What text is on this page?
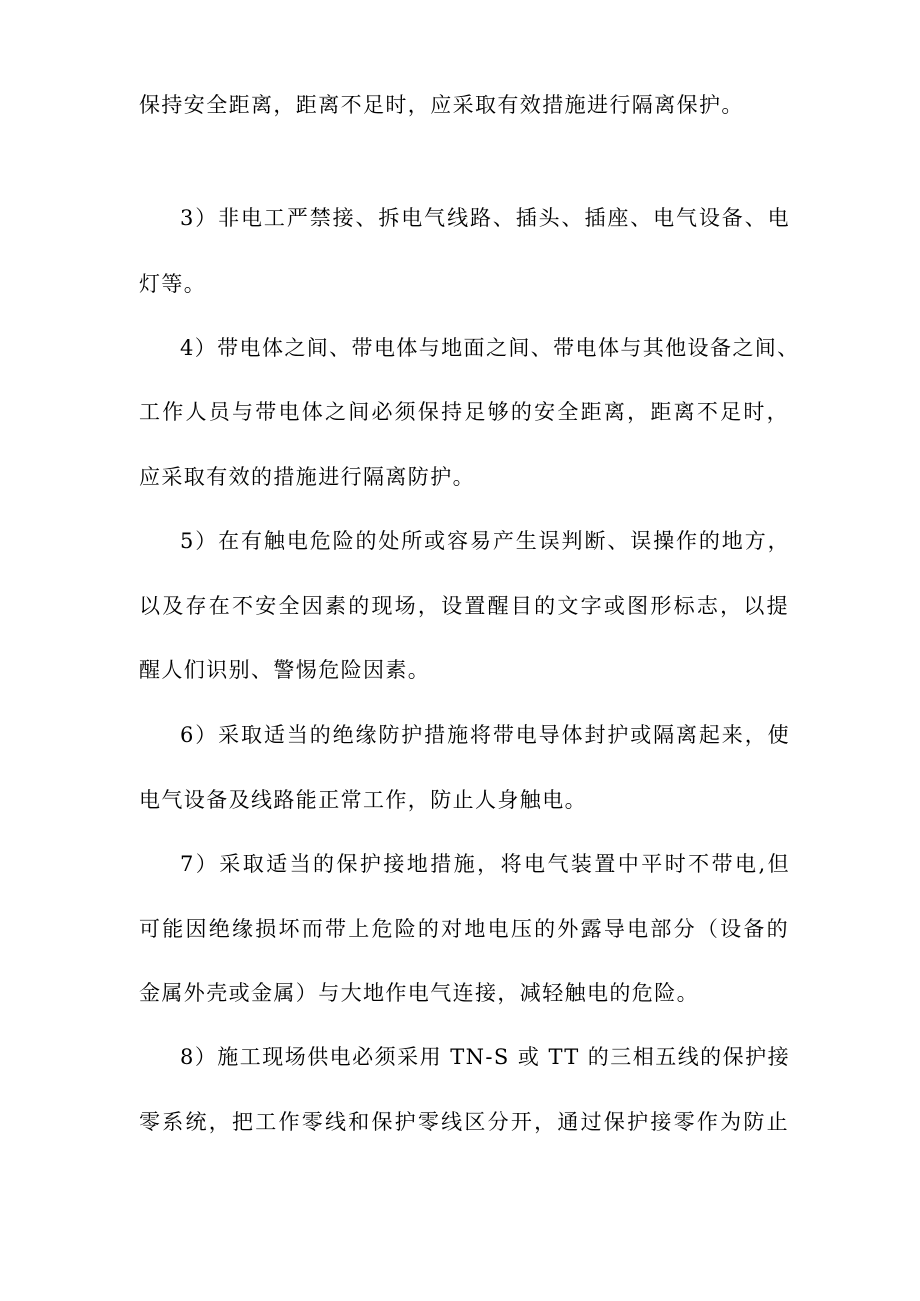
保持安全距离，距离不足时，应采取有效措施进行隔离保护。
3）非电工严禁接、拆电气线路、插头、插座、电气设备、电
灯等。
4）带电体之间、带电体与地面之间、带电体与其他设备之间、
工作人员与带电体之间必须保持足够的安全距离，距离不足时，
应采取有效的措施进行隔离防护。
5）在有触电危险的处所或容易产生误判断、误操作的地方，
以及存在不安全因素的现场，设置醒目的文字或图形标志，以提
醒人们识别、警惕危险因素。
6）采取适当的绝缘防护措施将带电导体封护或隔离起来，使
电气设备及线路能正常工作，防止人身触电。
7）采取适当的保护接地措施，将电气装置中平时不带电,但
可能因绝缘损坏而带上危险的对地电压的外露导电部分（设备的
金属外壳或金属）与大地作电气连接，减轻触电的危险。
8）施工现场供电必须采用 TN-S 或 TT 的三相五线的保护接
零系统，把工作零线和保护零线区分开，通过保护接零作为防止
